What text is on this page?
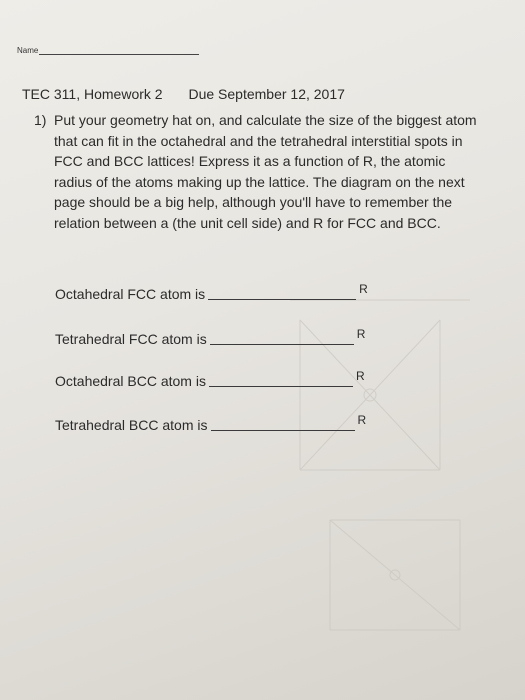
Name
TEC 311, Homework 2 Due September 12, 2017
1) Put your geometry hat on, and calculate the size of the biggest atom that can fit in the octahedral and the tetrahedral interstitial spots in FCC and BCC lattices! Express it as a function of R, the atomic radius of the atoms making up the lattice. The diagram on the next page should be a big help, although you'll have to remember the relation between a (the unit cell side) and R for FCC and BCC.
Octahedral FCC atom is	R
Tetrahedral FCC atom is	R
Octahedral BCC atom is	R
Tetrahedral BCC atom is	R
